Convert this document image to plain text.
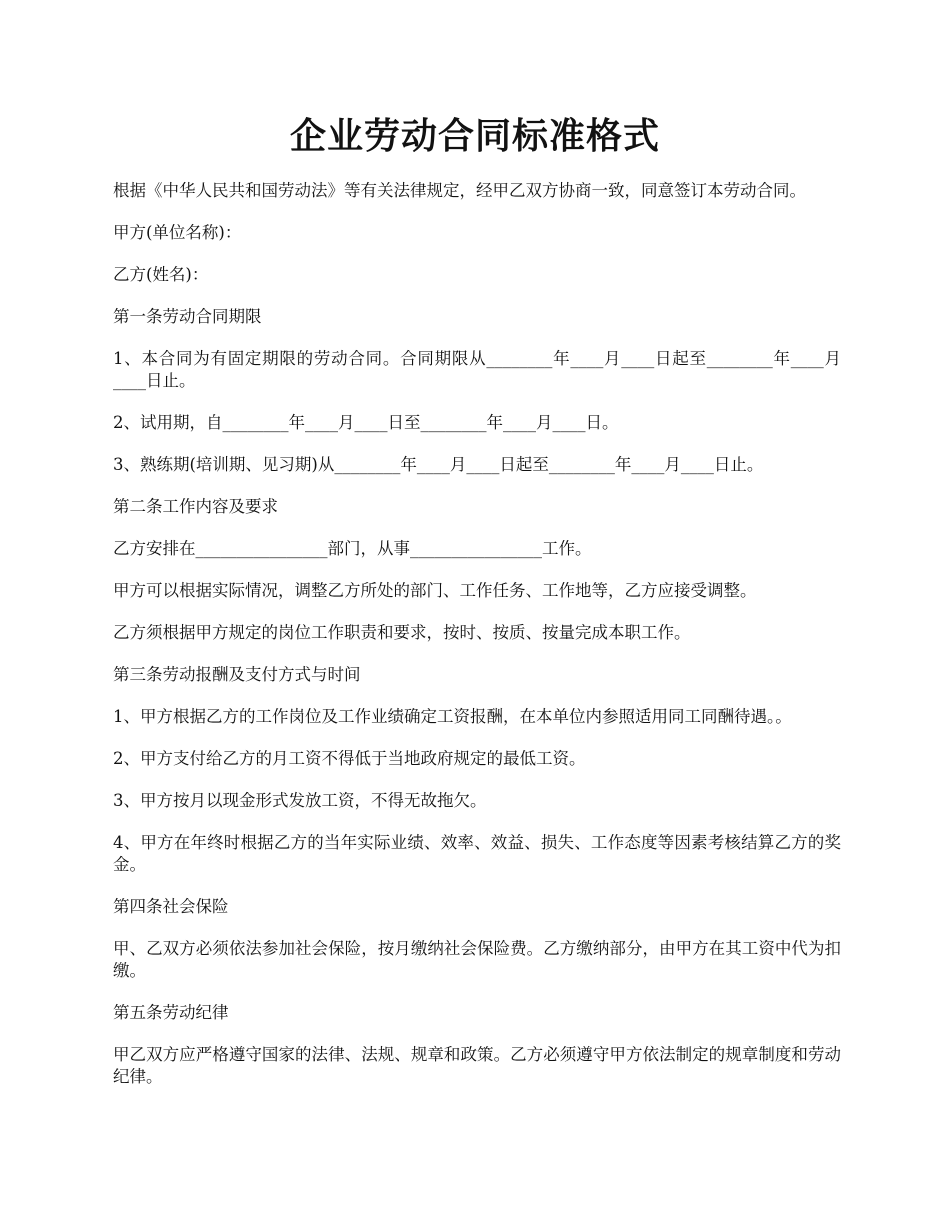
企业劳动合同标准格式

根据《中华人民共和国劳动法》等有关法律规定，经甲乙双方协商一致，同意签订本劳动合同。

甲方(单位名称)：

乙方(姓名)：

第一条劳动合同期限

1、本合同为有固定期限的劳动合同。合同期限从________年____月____日起至________年____月____日止。

2、试用期，自________年____月____日至________年____月____日。

3、熟练期(培训期、见习期)从________年____月____日起至________年____月____日止。

第二条工作内容及要求

乙方安排在________________部门，从事________________工作。

甲方可以根据实际情况，调整乙方所处的部门、工作任务、工作地等，乙方应接受调整。

乙方须根据甲方规定的岗位工作职责和要求，按时、按质、按量完成本职工作。

第三条劳动报酬及支付方式与时间

1、甲方根据乙方的工作岗位及工作业绩确定工资报酬，在本单位内参照适用同工同酬待遇。。

2、甲方支付给乙方的月工资不得低于当地政府规定的最低工资。

3、甲方按月以现金形式发放工资，不得无故拖欠。

4、甲方在年终时根据乙方的当年实际业绩、效率、效益、损失、工作态度等因素考核结算乙方的奖金。

第四条社会保险

甲、乙双方必须依法参加社会保险，按月缴纳社会保险费。乙方缴纳部分，由甲方在其工资中代为扣缴。

第五条劳动纪律

甲乙双方应严格遵守国家的法律、法规、规章和政策。乙方必须遵守甲方依法制定的规章制度和劳动纪律。
